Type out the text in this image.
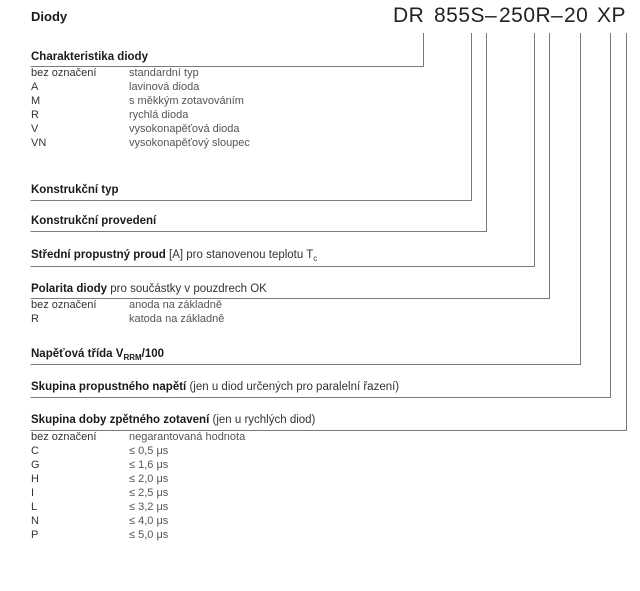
Diody	DR 855S – 250R – 20 XP
Charakteristika diody
bez označení	standardní typ
A	lavinová dioda
M	s měkkým zotavováním
R	rychlá dioda
V	vysokonapěťová dioda
VN	vysokonapěťový sloupec
Konstrukční typ
Konstrukční provedení
Střední propustný proud [A] pro stanovenou teplotu $T_c$
Polarita diody pro součástky v pouzdrech OK
bez označení	anoda na základně
R	katoda na základně
Napěťová třída $V_{RRM}/100$
Skupina propustného napětí (jen u diod určených pro paralelní řazení)
Skupina doby zpětného zotavení (jen u rychlých diod)
bez označení	negarantovaná hodnota
C	≤ 0,5 μs
G	≤ 1,6 μs
H	≤ 2,0 μs
I	≤ 2,5 μs
L	≤ 3,2 μs
N	≤ 4,0 μs
P	≤ 5,0 μs
